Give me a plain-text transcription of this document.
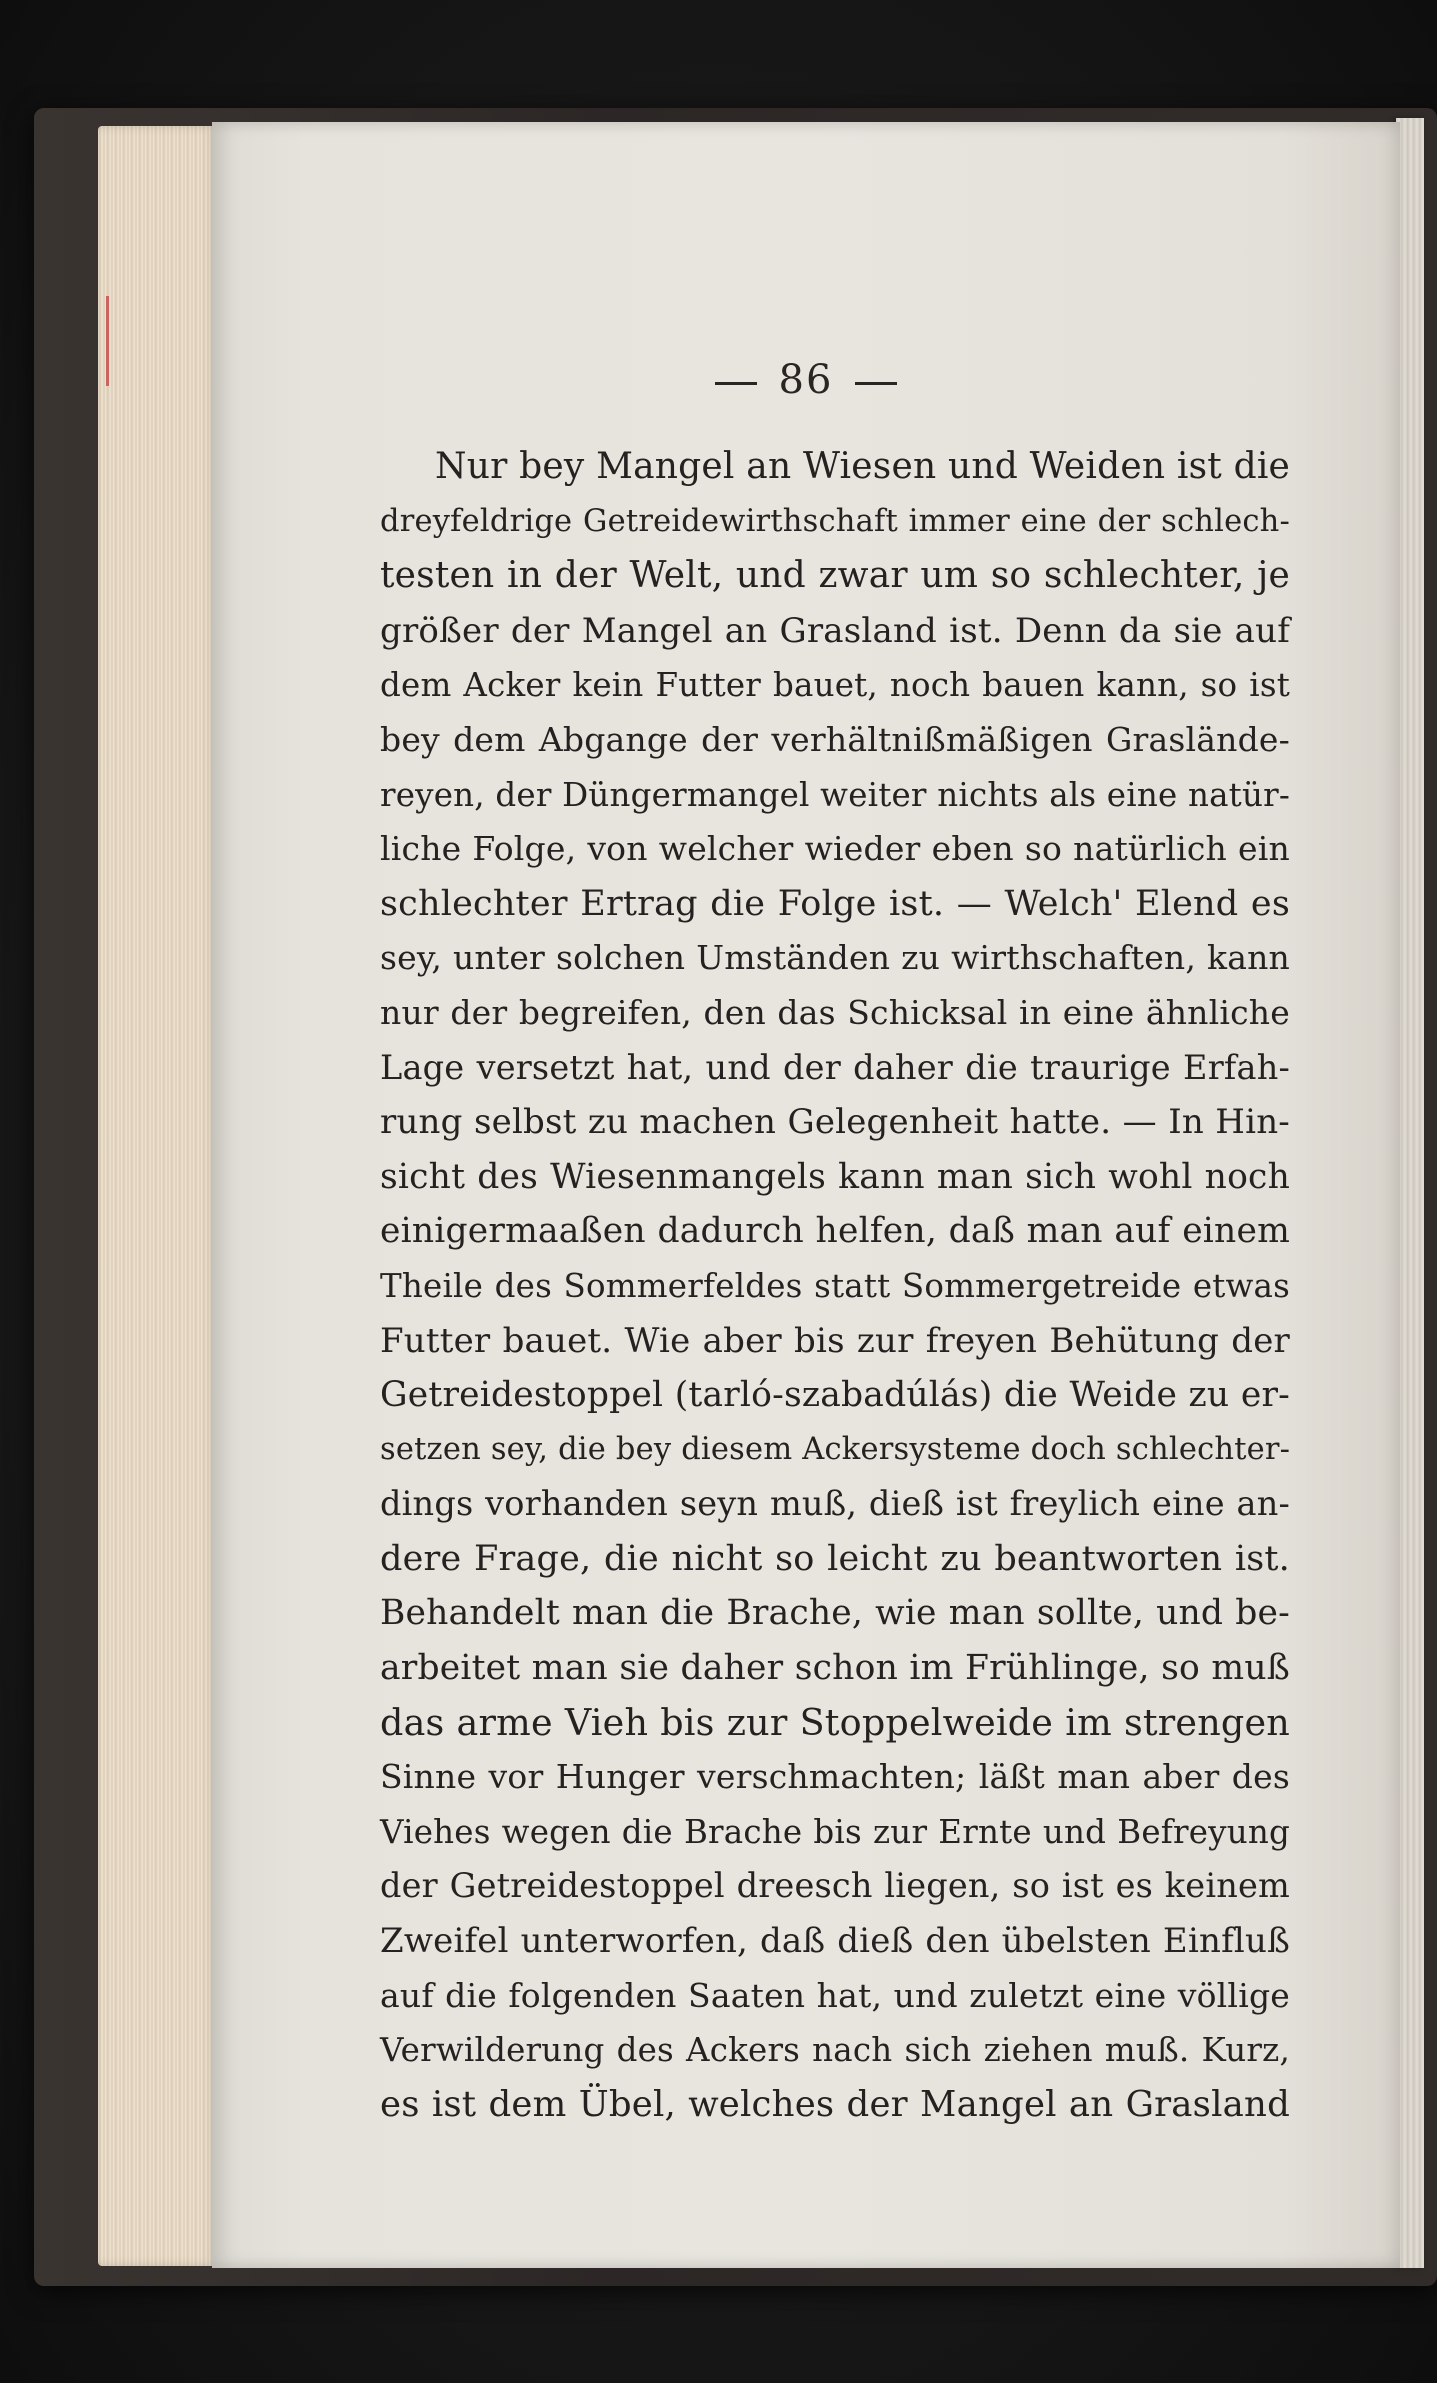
86
Nur bey Mangel an Wiesen und Weiden ist die
dreyfeldrige Getreidewirthschaft immer eine der schlech-
testen in der Welt, und zwar um so schlechter, je
größer der Mangel an Grasland ist. Denn da sie auf
dem Acker kein Futter bauet, noch bauen kann, so ist
bey dem Abgange der verhältnißmäßigen Graslände-
reyen, der Düngermangel weiter nichts als eine natür-
liche Folge, von welcher wieder eben so natürlich ein
schlechter Ertrag die Folge ist. — Welch' Elend es
sey, unter solchen Umständen zu wirthschaften, kann
nur der begreifen, den das Schicksal in eine ähnliche
Lage versetzt hat, und der daher die traurige Erfah-
rung selbst zu machen Gelegenheit hatte. — In Hin-
sicht des Wiesenmangels kann man sich wohl noch
einigermaaßen dadurch helfen, daß man auf einem
Theile des Sommerfeldes statt Sommergetreide etwas
Futter bauet. Wie aber bis zur freyen Behütung der
Getreidestoppel (tarló-szabadúlás) die Weide zu er-
setzen sey, die bey diesem Ackersysteme doch schlechter-
dings vorhanden seyn muß, dieß ist freylich eine an-
dere Frage, die nicht so leicht zu beantworten ist.
Behandelt man die Brache, wie man sollte, und be-
arbeitet man sie daher schon im Frühlinge, so muß
das arme Vieh bis zur Stoppelweide im strengen
Sinne vor Hunger verschmachten; läßt man aber des
Viehes wegen die Brache bis zur Ernte und Befreyung
der Getreidestoppel dreesch liegen, so ist es keinem
Zweifel unterworfen, daß dieß den übelsten Einfluß
auf die folgenden Saaten hat, und zuletzt eine völlige
Verwilderung des Ackers nach sich ziehen muß. Kurz,
es ist dem Übel, welches der Mangel an Grasland
